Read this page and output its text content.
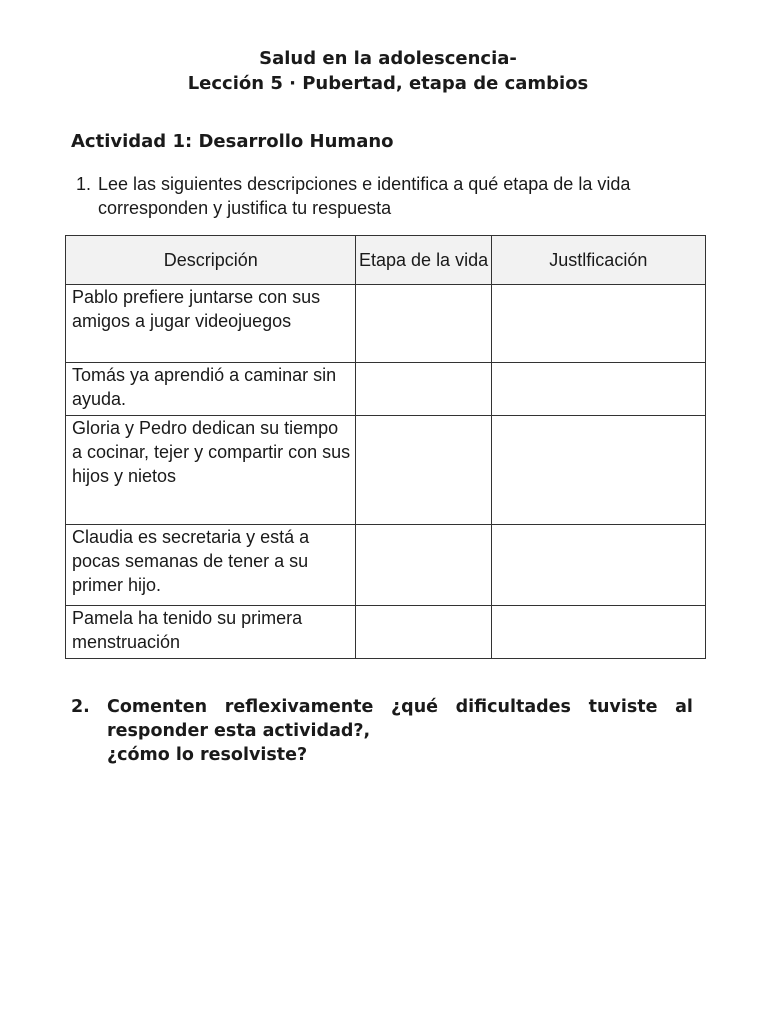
Salud en la adolescencia-
Lección 5 · Pubertad, etapa de cambios
Actividad 1: Desarrollo Humano
1. Lee las siguientes descripciones e identifica a qué etapa de la vida corresponden y justifica tu respuesta
Descripción	Etapa de la vida	Justlficación
Pablo prefiere juntarse con sus amigos a jugar videojuegos		
Tomás ya aprendió a caminar sin ayuda.		
Gloria y Pedro dedican su tiempo a cocinar, tejer y compartir con sus hijos y nietos		
Claudia es secretaria y está a pocas semanas de tener a su primer hijo.		
Pamela ha tenido su primera menstruación		
2. Comenten reflexivamente ¿qué dificultades tuviste al
responder esta actividad?,
¿cómo lo resolviste?
